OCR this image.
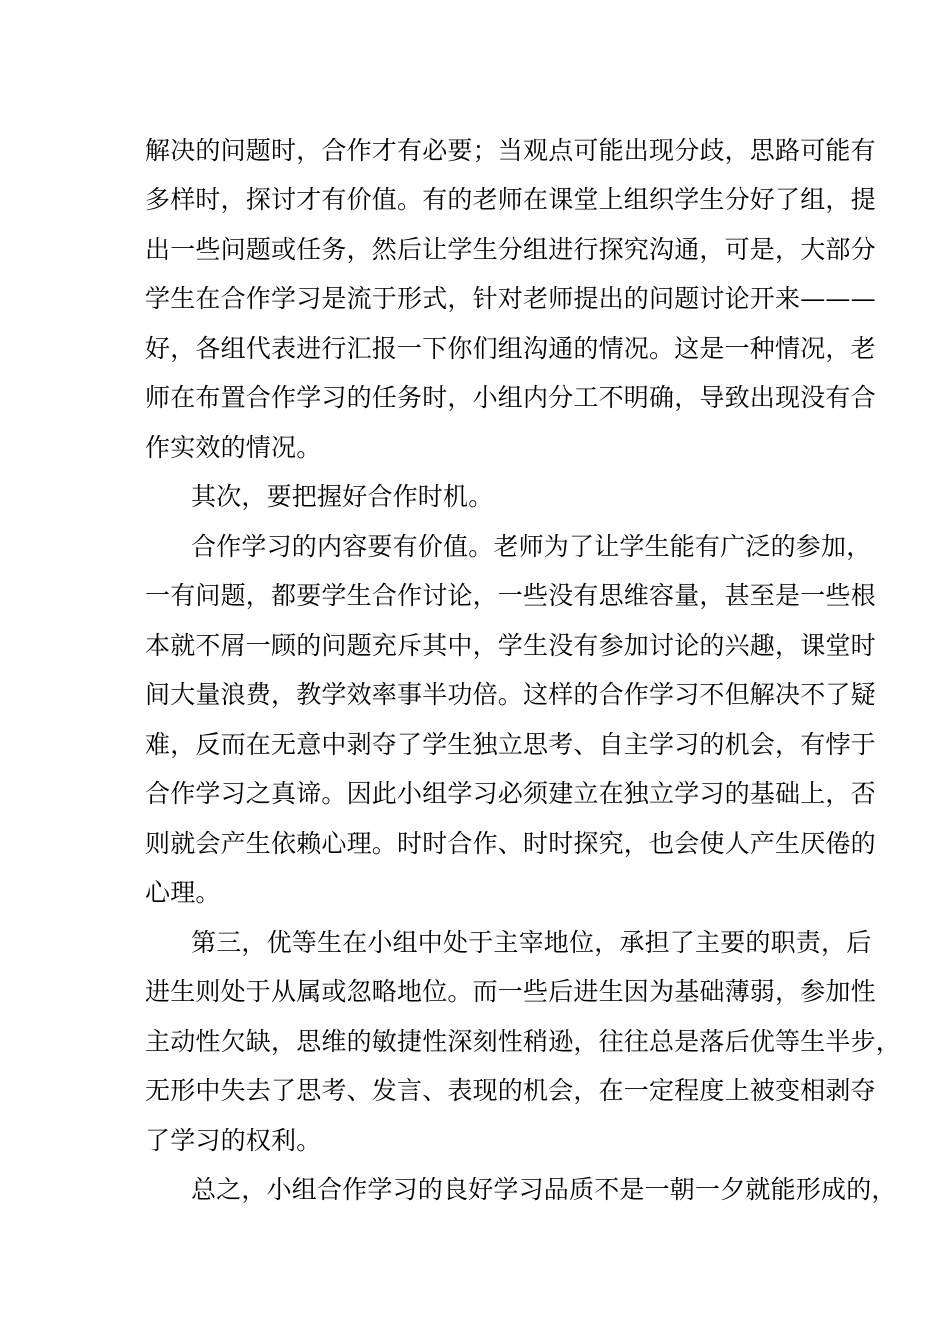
解决的问题时，合作才有必要；当观点可能出现分歧，思路可能有
多样时，探讨才有价值。有的老师在课堂上组织学生分好了组，提
出一些问题或任务，然后让学生分组进行探究沟通，可是，大部分
学生在合作学习是流于形式，针对老师提出的问题讨论开来———
好，各组代表进行汇报一下你们组沟通的情况。这是一种情况，老
师在布置合作学习的任务时，小组内分工不明确，导致出现没有合
作实效的情况。
其次，要把握好合作时机。
合作学习的内容要有价值。老师为了让学生能有广泛的参加，
一有问题，都要学生合作讨论，一些没有思维容量，甚至是一些根
本就不屑一顾的问题充斥其中，学生没有参加讨论的兴趣，课堂时
间大量浪费，教学效率事半功倍。这样的合作学习不但解决不了疑
难，反而在无意中剥夺了学生独立思考、自主学习的机会，有悖于
合作学习之真谛。因此小组学习必须建立在独立学习的基础上，否
则就会产生依赖心理。时时合作、时时探究，也会使人产生厌倦的
心理。
第三，优等生在小组中处于主宰地位，承担了主要的职责，后
进生则处于从属或忽略地位。而一些后进生因为基础薄弱，参加性
主动性欠缺，思维的敏捷性深刻性稍逊，往往总是落后优等生半步，
无形中失去了思考、发言、表现的机会，在一定程度上被变相剥夺
了学习的权利。
总之，小组合作学习的良好学习品质不是一朝一夕就能形成的，
